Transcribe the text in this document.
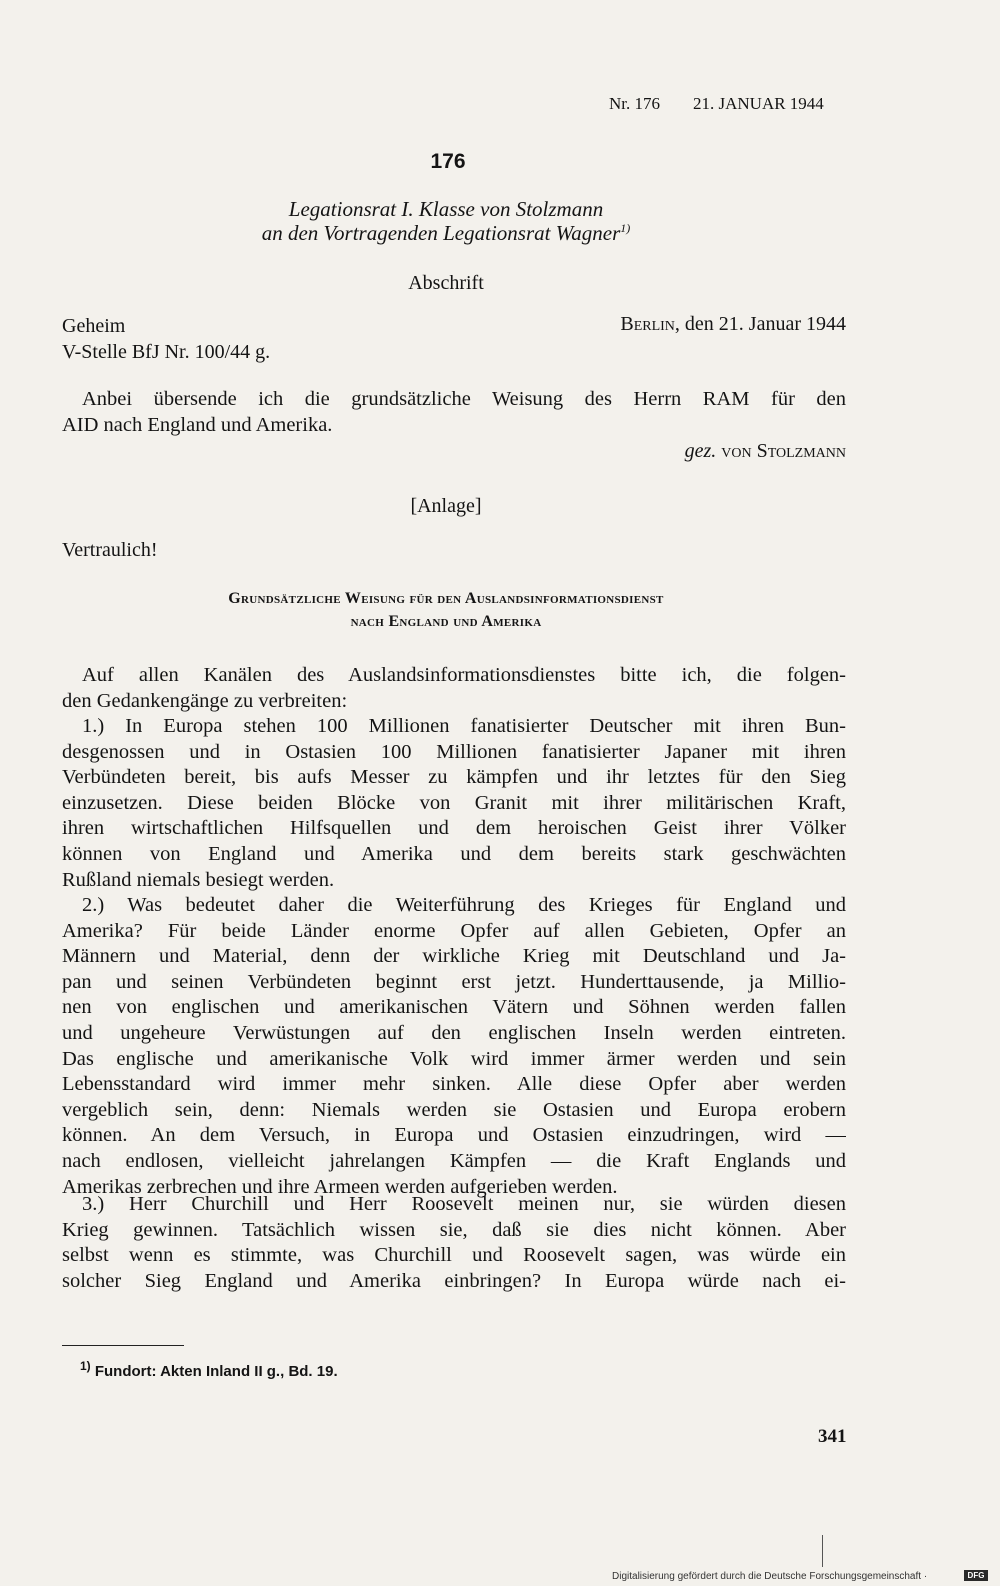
Nr. 176 21. JANUAR 1944
176
Legationsrat I. Klasse von Stolzmann
an den Vortragenden Legationsrat Wagner$^{1)}$
Abschrift
Geheim	Berlin, den 21. Januar 1944
V-Stelle BfJ Nr. 100/44 g.
Anbei übersende ich die grundsätzliche Weisung des Herrn RAM für den
AID nach England und Amerika.
gez. von Stolzmann
[Anlage]
Vertraulich!
Grundsätzliche Weisung für den Auslandsinformationsdienst
nach England und Amerika
Auf allen Kanälen des Auslandsinformationsdienstes bitte ich, die folgen-
den Gedankengänge zu verbreiten:
1.) In Europa stehen 100 Millionen fanatisierter Deutscher mit ihren Bun-
desgenossen und in Ostasien 100 Millionen fanatisierter Japaner mit ihren
Verbündeten bereit, bis aufs Messer zu kämpfen und ihr letztes für den Sieg
einzusetzen. Diese beiden Blöcke von Granit mit ihrer militärischen Kraft,
ihren wirtschaftlichen Hilfsquellen und dem heroischen Geist ihrer Völker
können von England und Amerika und dem bereits stark geschwächten
Rußland niemals besiegt werden.
2.) Was bedeutet daher die Weiterführung des Krieges für England und
Amerika? Für beide Länder enorme Opfer auf allen Gebieten, Opfer an
Männern und Material, denn der wirkliche Krieg mit Deutschland und Ja-
pan und seinen Verbündeten beginnt erst jetzt. Hunderttausende, ja Millio-
nen von englischen und amerikanischen Vätern und Söhnen werden fallen
und ungeheure Verwüstungen auf den englischen Inseln werden eintreten.
Das englische und amerikanische Volk wird immer ärmer werden und sein
Lebensstandard wird immer mehr sinken. Alle diese Opfer aber werden
vergeblich sein, denn: Niemals werden sie Ostasien und Europa erobern
können. An dem Versuch, in Europa und Ostasien einzudringen, wird —
nach endlosen, vielleicht jahrelangen Kämpfen — die Kraft Englands und
Amerikas zerbrechen und ihre Armeen werden aufgerieben werden.
3.) Herr Churchill und Herr Roosevelt meinen nur, sie würden diesen
Krieg gewinnen. Tatsächlich wissen sie, daß sie dies nicht können. Aber
selbst wenn es stimmte, was Churchill und Roosevelt sagen, was würde ein
solcher Sieg England und Amerika einbringen? In Europa würde nach ei-
$^{1)}$ Fundort: Akten Inland II g., Bd. 19.
341
Digitalisierung gefördert durch die Deutsche Forschungsgemeinschaft ·	DFG
